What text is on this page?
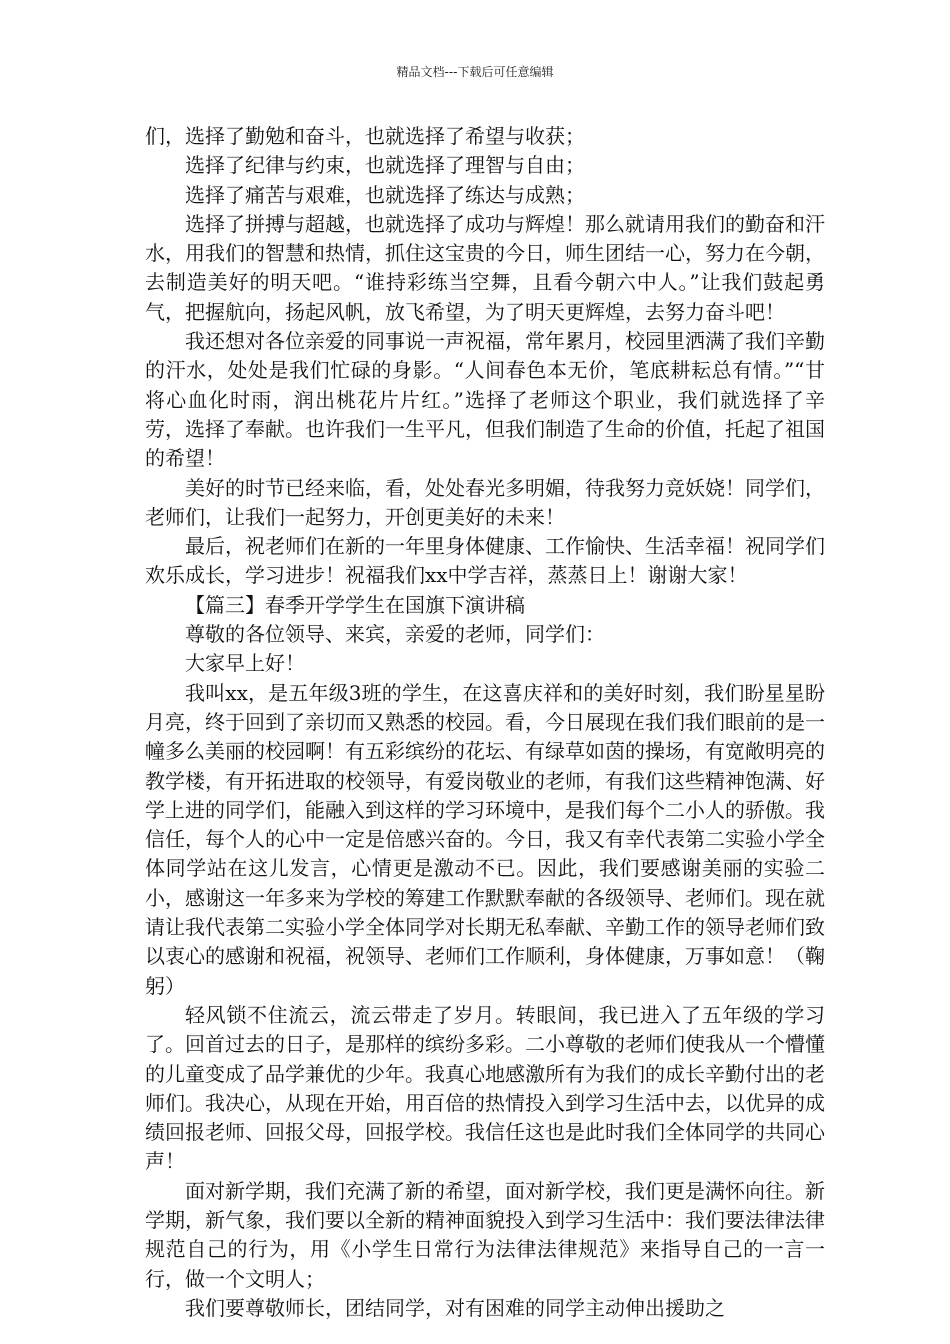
精品文档---下载后可任意编辑

们，选择了勤勉和奋斗，也就选择了希望与收获；

选择了纪律与约束，也就选择了理智与自由；

选择了痛苦与艰难，也就选择了练达与成熟；

选择了拼搏与超越，也就选择了成功与辉煌！那么就请用我们的勤奋和汗水，用我们的智慧和热情，抓住这宝贵的今日，师生团结一心，努力在今朝，去制造美好的明天吧。“谁持彩练当空舞，且看今朝六中人。”让我们鼓起勇气，把握航向，扬起风帆，放飞希望，为了明天更辉煌，去努力奋斗吧！

我还想对各位亲爱的同事说一声祝福，常年累月，校园里洒满了我们辛勤的汗水，处处是我们忙碌的身影。“人间春色本无价，笔底耕耘总有情。”“甘将心血化时雨，润出桃花片片红。”选择了老师这个职业，我们就选择了辛劳，选择了奉献。也许我们一生平凡，但我们制造了生命的价值，托起了祖国的希望！

美好的时节已经来临，看，处处春光多明媚，待我努力竞妖娆！同学们，老师们，让我们一起努力，开创更美好的未来！

最后，祝老师们在新的一年里身体健康、工作愉快、生活幸福！祝同学们欢乐成长，学习进步！祝福我们xx中学吉祥，蒸蒸日上！谢谢大家！

【篇三】春季开学学生在国旗下演讲稿

尊敬的各位领导、来宾，亲爱的老师，同学们：

大家早上好！

我叫xx，是五年级3班的学生，在这喜庆祥和的美好时刻，我们盼星星盼月亮，终于回到了亲切而又熟悉的校园。看，今日展现在我们我们眼前的是一幢多么美丽的校园啊！有五彩缤纷的花坛、有绿草如茵的操场，有宽敞明亮的教学楼，有开拓进取的校领导，有爱岗敬业的老师，有我们这些精神饱满、好学上进的同学们，能融入到这样的学习环境中，是我们每个二小人的骄傲。我信任，每个人的心中一定是倍感兴奋的。今日，我又有幸代表第二实验小学全体同学站在这儿发言，心情更是激动不已。因此，我们要感谢美丽的实验二小，感谢这一年多来为学校的筹建工作默默奉献的各级领导、老师们。现在就请让我代表第二实验小学全体同学对长期无私奉献、辛勤工作的领导老师们致以衷心的感谢和祝福，祝领导、老师们工作顺利，身体健康，万事如意！（鞠躬）

轻风锁不住流云，流云带走了岁月。转眼间，我已进入了五年级的学习了。回首过去的日子，是那样的缤纷多彩。二小尊敬的老师们使我从一个懵懂的儿童变成了品学兼优的少年。我真心地感激所有为我们的成长辛勤付出的老师们。我决心，从现在开始，用百倍的热情投入到学习生活中去，以优异的成绩回报老师、回报父母，回报学校。我信任这也是此时我们全体同学的共同心声！

面对新学期，我们充满了新的希望，面对新学校，我们更是满怀向往。新学期，新气象，我们要以全新的精神面貌投入到学习生活中：我们要法律法律规范自己的行为，用《小学生日常行为法律法律规范》来指导自己的一言一行，做一个文明人；

我们要尊敬师长，团结同学，对有困难的同学主动伸出援助之
